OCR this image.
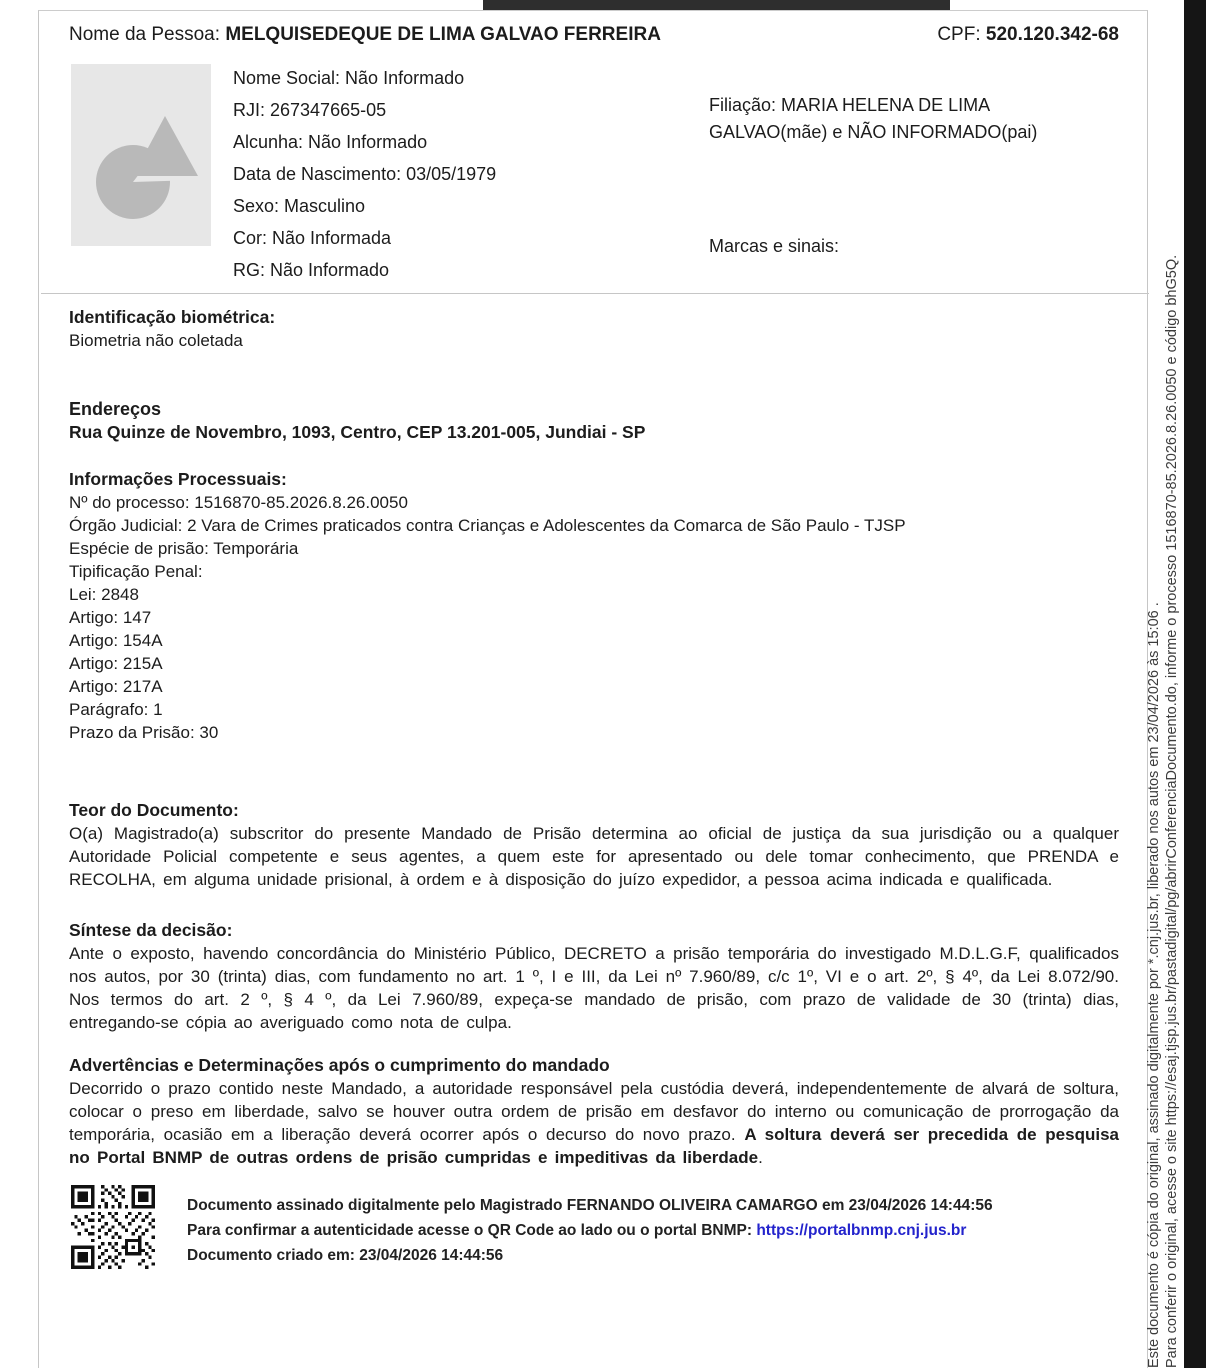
Nome da Pessoa: MELQUISEDEQUE DE LIMA GALVAO FERREIRA	CPF: 520.120.342-68
Nome Social: Não Informado
RJI: 267347665-05
Alcunha: Não Informado
Data de Nascimento: 03/05/1979
Sexo: Masculino
Cor: Não Informada
RG: Não Informado
Filiação: MARIA HELENA DE LIMA GALVAO(mãe) e NÃO INFORMADO(pai)
Marcas e sinais:
Identificação biométrica:
Biometria não coletada
Endereços
Rua Quinze de Novembro, 1093, Centro, CEP 13.201-005, Jundiai - SP
Informações Processuais:
Nº do processo: 1516870-85.2026.8.26.0050
Órgão Judicial: 2 Vara de Crimes praticados contra Crianças e Adolescentes da Comarca de São Paulo - TJSP
Espécie de prisão: Temporária
Tipificação Penal:
Lei: 2848
Artigo: 147
Artigo: 154A
Artigo: 215A
Artigo: 217A
Parágrafo: 1
Prazo da Prisão: 30
Teor do Documento:

O(a) Magistrado(a) subscritor do presente Mandado de Prisão determina ao oficial de justiça da sua jurisdição ou a qualquer Autoridade Policial competente e seus agentes, a quem este for apresentado ou dele tomar conhecimento, que PRENDA e RECOLHA, em alguma unidade prisional, à ordem e à disposição do juízo expedidor, a pessoa acima indicada e qualificada.

Síntese da decisão:

Ante o exposto, havendo concordância do Ministério Público, DECRETO a prisão temporária do investigado M.D.L.G.F, qualificados nos autos, por 30 (trinta) dias, com fundamento no art. 1 º, I e III, da Lei nº 7.960/89, c/c 1º, VI e o art. 2º, § 4º, da Lei 8.072/90. Nos termos do art. 2 º, § 4 º, da Lei 7.960/89, expeça-se mandado de prisão, com prazo de validade de 30 (trinta) dias, entregando-se cópia ao averiguado como nota de culpa.

Advertências e Determinações após o cumprimento do mandado

Decorrido o prazo contido neste Mandado, a autoridade responsável pela custódia deverá, independentemente de alvará de soltura, colocar o preso em liberdade, salvo se houver outra ordem de prisão em desfavor do interno ou comunicação de prorrogação da temporária, ocasião em a liberação deverá ocorrer após o decurso do novo prazo. A soltura deverá ser precedida de pesquisa no Portal BNMP de outras ordens de prisão cumpridas e impeditivas da liberdade.

Documento assinado digitalmente pelo Magistrado FERNANDO OLIVEIRA CAMARGO em 23/04/2026 14:44:56
Para confirmar a autenticidade acesse o QR Code ao lado ou o portal BNMP: https://portalbnmp.cnj.jus.br
Documento criado em: 23/04/2026 14:44:56	Este documento é cópia do original, assinado digitalmente por *.cnj.jus.br, liberado nos autos em 23/04/2026 às 15:06 . Para conferir o original, acesse o site https://esaj.tjsp.jus.br/pastadigital/pg/abrirConferenciaDocumento.do, informe o processo 1516870-85.2026.8.26.0050 e código bhG5Q.
